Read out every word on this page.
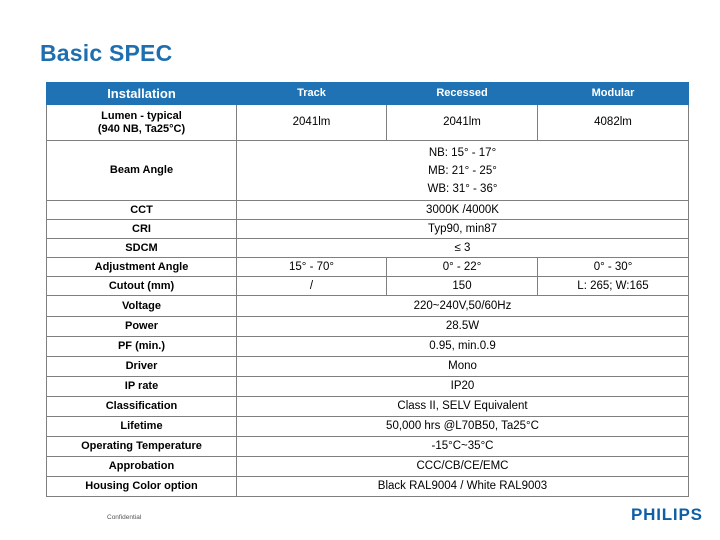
Basic SPEC
Installation	Track	Recessed	Modular
Lumen - typical
(940 NB, Ta25°C)	2041lm	2041lm	4082lm
Beam Angle	NB: 15° - 17°
MB: 21° - 25°
WB: 31° - 36°		

CCT	3000K /4000K		
CRI	Typ90, min87		
SDCM	≤ 3		
Adjustment Angle	15° - 70°	0° - 22°	0° - 30°
Cutout (mm)	/	150	L: 265; W:165
Voltage	220~240V,50/60Hz		
Power	28.5W		
PF (min.)	0.95, min.0.9		
Driver	Mono		
IP rate	IP20		
Classification	Class II, SELV Equivalent		
Lifetime	50,000 hrs @L70B50, Ta25°C		
Operating Temperature	-15°C~35°C		
Approbation	CCC/CB/CE/EMC		
Housing Color option	Black RAL9004 / White RAL9003		
Confidential	PHILIPS
